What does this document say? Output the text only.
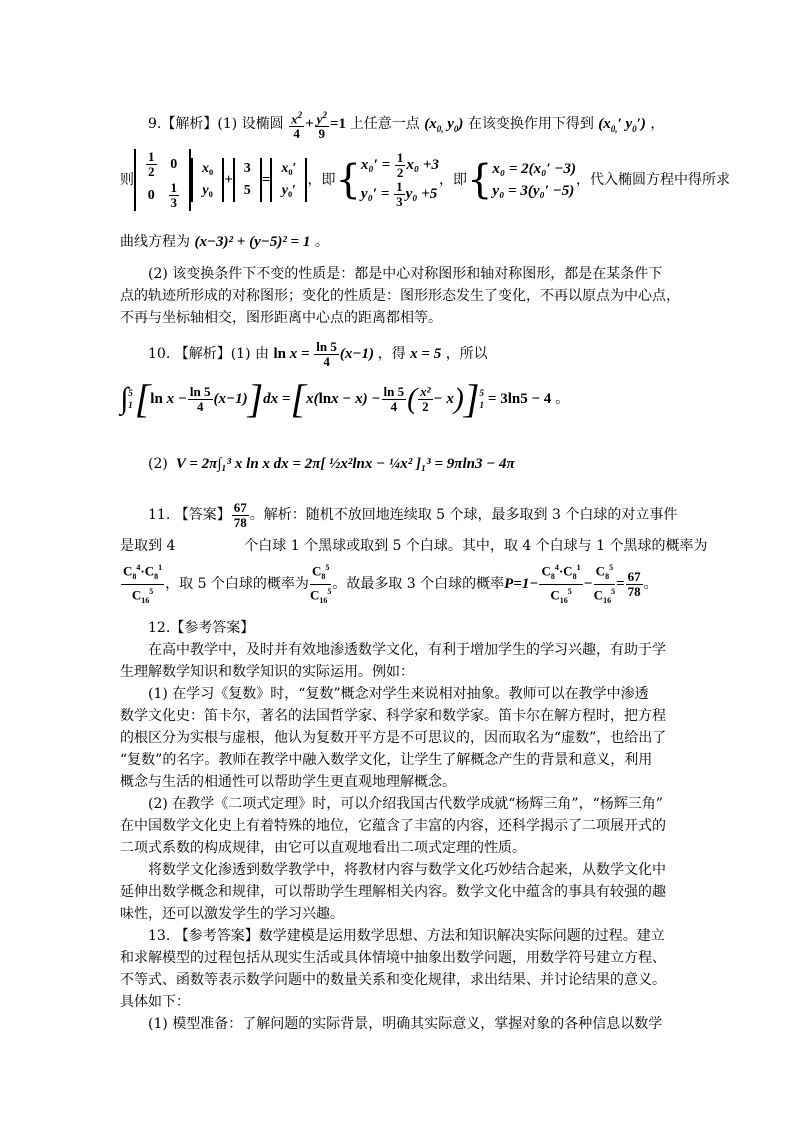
9.【解析】(1) 设椭圆 $\frac{x^2}{4} + \frac{y^2}{9} =1$ 上任意一点 ($x_{0,}$ $y_0$) 在该变换作用下得到 ($x_{0,}'$ $y_0'$) ，
则
$\frac{1}{2}$	0
0	$\frac{1}{3}$
x₀
y₀
+
3
5
=
x₀′
y₀′
，即 { $x_0' = \frac{1}{2} x_0 +3$
$y_0' = \frac{1}{3} y_0 +5$
，即 { x₀ = 2(x₀′ −3)
y₀ = 3(y₀′ −5)
，代入椭圆方程中得所求
曲线方程为 (x−3)² + (y−5)² = 1 。
(2) 该变换条件下不变的性质是：都是中心对称图形和轴对称图形，都是在某条件下
点的轨迹所形成的对称图形；变化的性质是：图形形态发生了变化，不再以原点为中心点，
不再与坐标轴相交，图形距离中心点的距离都相等。
10. 【解析】(1) 由 $\ln x = \frac{\ln 5}{4} (x-1)$ ，得 x = 5 ，所以
∫ 5
1 [ $\ln x - \frac{\ln 5}{4} (x-1)$ ] dx = [ x( $\ln x - x) - \frac{\ln 5}{4}$ ( $\frac{\text{x²}}{2} - x$ ) ] 5
1 = 3ln5 − 4 。
(2) V = 2π∫₁³ x ln x dx = 2π[ ½x²lnx − ¼x² ]₁³ = 9πln3 − 4π
11. 【答案】 $\frac{67}{78}$ 。解析：随机不放回地连续取 5 个球，最多取到 3 个白球的对立事件
是取到 4	个白球 1 个黑球或取到 5 个白球。其中，取 4 个白球与 1 个黑球的概率为
$\frac{C_8^4\cdot C_8^1}{C_{16}^5}$ ，取 5 个白球的概率为 $\frac{C_8^5}{C_{16}^5}$ 。故最多取 3 个白球的概率 $P=1- \frac{C_8^4\cdot C_8^1}{C_{16}^5} - \frac{C_8^5}{C_{16}^5} = \frac{67}{78}$ 。
12.【参考答案】
在高中教学中，及时并有效地渗透数学文化，有利于增加学生的学习兴趣，有助于学
生理解数学知识和数学知识的实际运用。例如：
(1) 在学习《复数》时，“复数”概念对学生来说相对抽象。教师可以在教学中渗透
数学文化史：笛卡尔，著名的法国哲学家、科学家和数学家。笛卡尔在解方程时，把方程
的根区分为实根与虚根，他认为复数开平方是不可思议的，因而取名为“虚数”，也给出了
“复数”的名字。教师在教学中融入数学文化，让学生了解概念产生的背景和意义，利用
概念与生活的相通性可以帮助学生更直观地理解概念。
(2) 在教学《二项式定理》时，可以介绍我国古代数学成就“杨辉三角”，“杨辉三角”
在中国数学文化史上有着特殊的地位，它蕴含了丰富的内容，还科学揭示了二项展开式的
二项式系数的构成规律，由它可以直观地看出二项式定理的性质。
将数学文化渗透到数学教学中，将教材内容与数学文化巧妙结合起来，从数学文化中
延伸出数学概念和规律，可以帮助学生理解相关内容。数学文化中蕴含的事具有较强的趣
味性，还可以激发学生的学习兴趣。
13. 【参考答案】数学建模是运用数学思想、方法和知识解决实际问题的过程。建立
和求解模型的过程包括从现实生活或具体情境中抽象出数学问题，用数学符号建立方程、
不等式、函数等表示数学问题中的数量关系和变化规律，求出结果、并讨论结果的意义。
具体如下：
(1) 模型准备：了解问题的实际背景，明确其实际意义，掌握对象的各种信息以数学
